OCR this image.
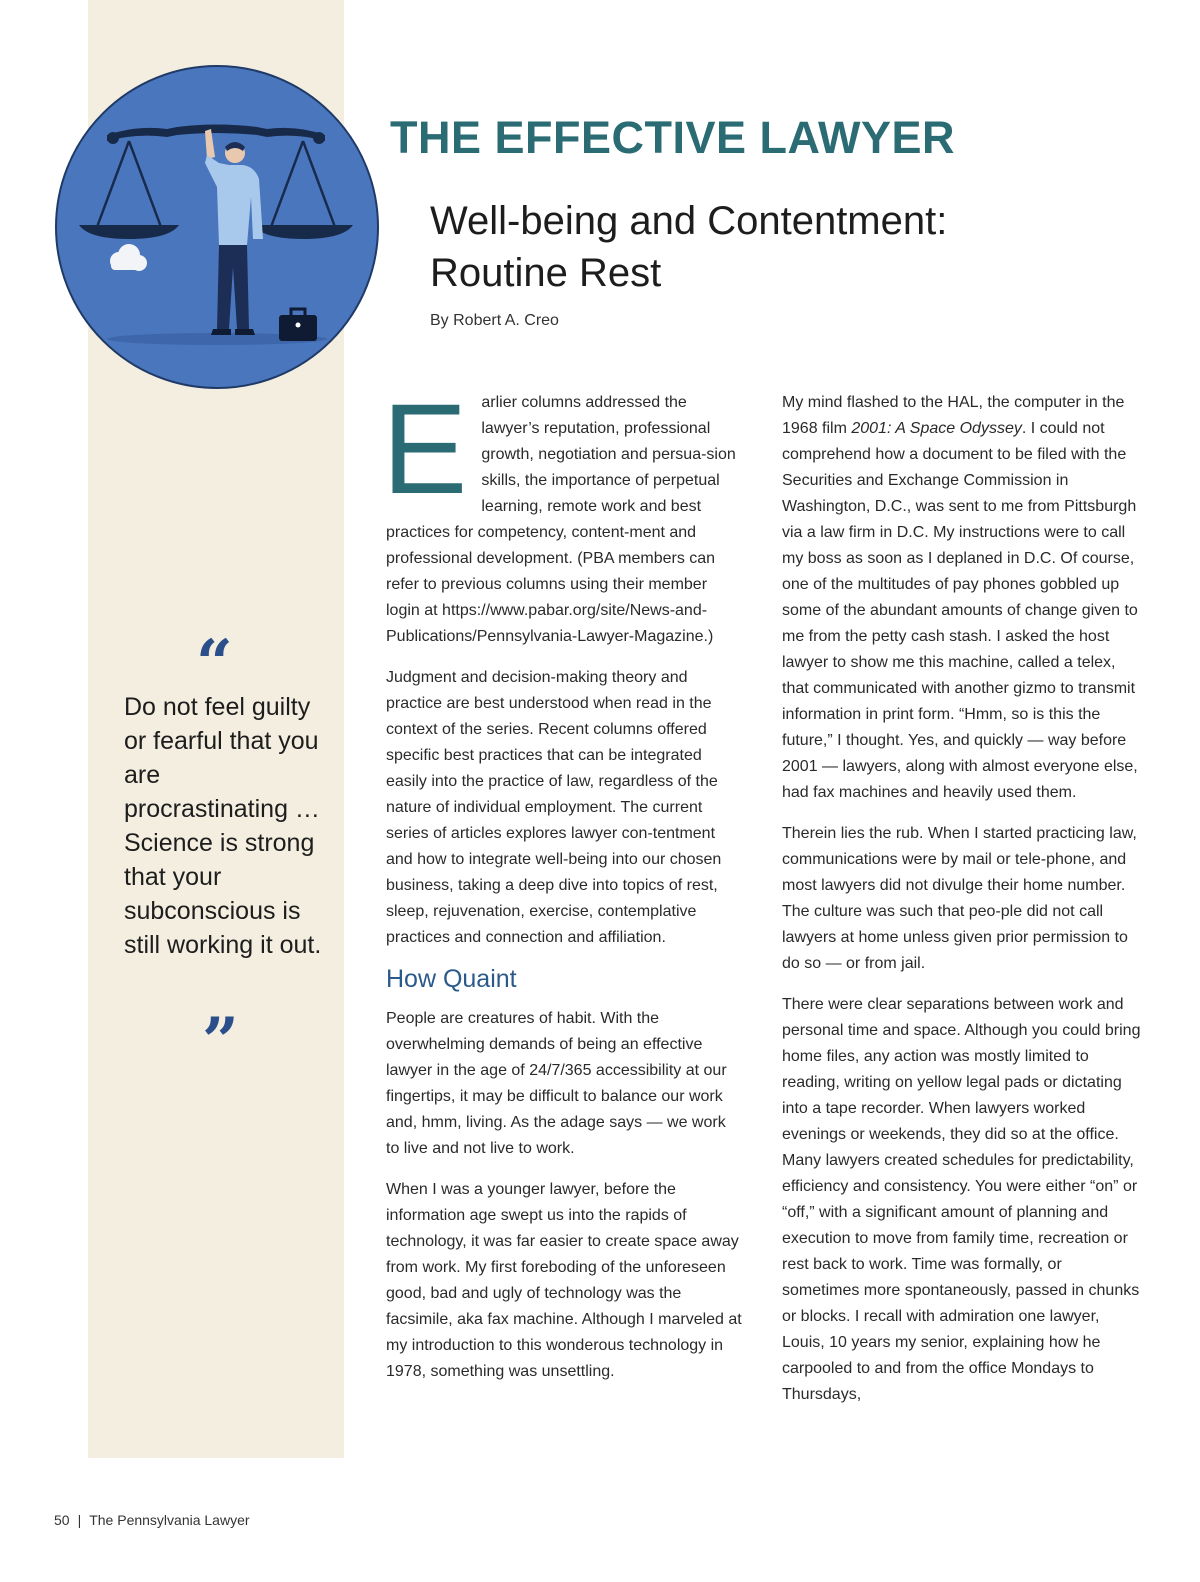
THE EFFECTIVE LAWYER
Well-being and Contentment:
Routine Rest
By Robert A. Creo
“
Do not feel guilty or fearful that you are procrastinating … Science is strong that your subconscious is still working it out.
”

Earlier columns addressed the lawyer’s reputation, professional growth, negotiation and persua-sion skills, the importance of perpetual learning, remote work and best practices for competency, content-ment and professional development. (PBA members can refer to previous columns using their member login at https://www.pabar.org/site/News-and-Publications/Pennsylvania-Lawyer-Magazine.)

Judgment and decision-making theory and practice are best understood when read in the context of the series. Recent columns offered specific best practices that can be integrated easily into the practice of law, regardless of the nature of individual employment. The current series of articles explores lawyer con-tentment and how to integrate well-being into our chosen business, taking a deep dive into topics of rest, sleep, rejuvenation, exercise, contemplative practices and connection and affiliation.

How Quaint

People are creatures of habit. With the overwhelming demands of being an effective lawyer in the age of 24/7/365 accessibility at our fingertips, it may be difficult to balance our work and, hmm, living. As the adage says — we work to live and not live to work.

When I was a younger lawyer, before the information age swept us into the rapids of technology, it was far easier to create space away from work. My first foreboding of the unforeseen good, bad and ugly of technology was the facsimile, aka fax machine. Although I marveled at my introduction to this wonderous technology in 1978, something was unsettling.

My mind flashed to the HAL, the computer in the 1968 film 2001: A Space Odyssey. I could not comprehend how a document to be filed with the Securities and Exchange Commission in Washington, D.C., was sent to me from Pittsburgh via a law firm in D.C. My instructions were to call my boss as soon as I deplaned in D.C. Of course, one of the multitudes of pay phones gobbled up some of the abundant amounts of change given to me from the petty cash stash. I asked the host lawyer to show me this machine, called a telex, that communicated with another gizmo to transmit information in print form. “Hmm, so is this the future,” I thought. Yes, and quickly — way before 2001 — lawyers, along with almost everyone else, had fax machines and heavily used them.

Therein lies the rub. When I started practicing law, communications were by mail or tele-phone, and most lawyers did not divulge their home number. The culture was such that peo-ple did not call lawyers at home unless given prior permission to do so — or from jail.

There were clear separations between work and personal time and space. Although you could bring home files, any action was mostly limited to reading, writing on yellow legal pads or dictating into a tape recorder. When lawyers worked evenings or weekends, they did so at the office. Many lawyers created schedules for predictability, efficiency and consistency. You were either “on” or “off,” with a significant amount of planning and execution to move from family time, recreation or rest back to work. Time was formally, or sometimes more spontaneously, passed in chunks or blocks. I recall with admiration one lawyer, Louis, 10 years my senior, explaining how he carpooled to and from the office Mondays to Thursdays,

50 | The Pennsylvania Lawyer
